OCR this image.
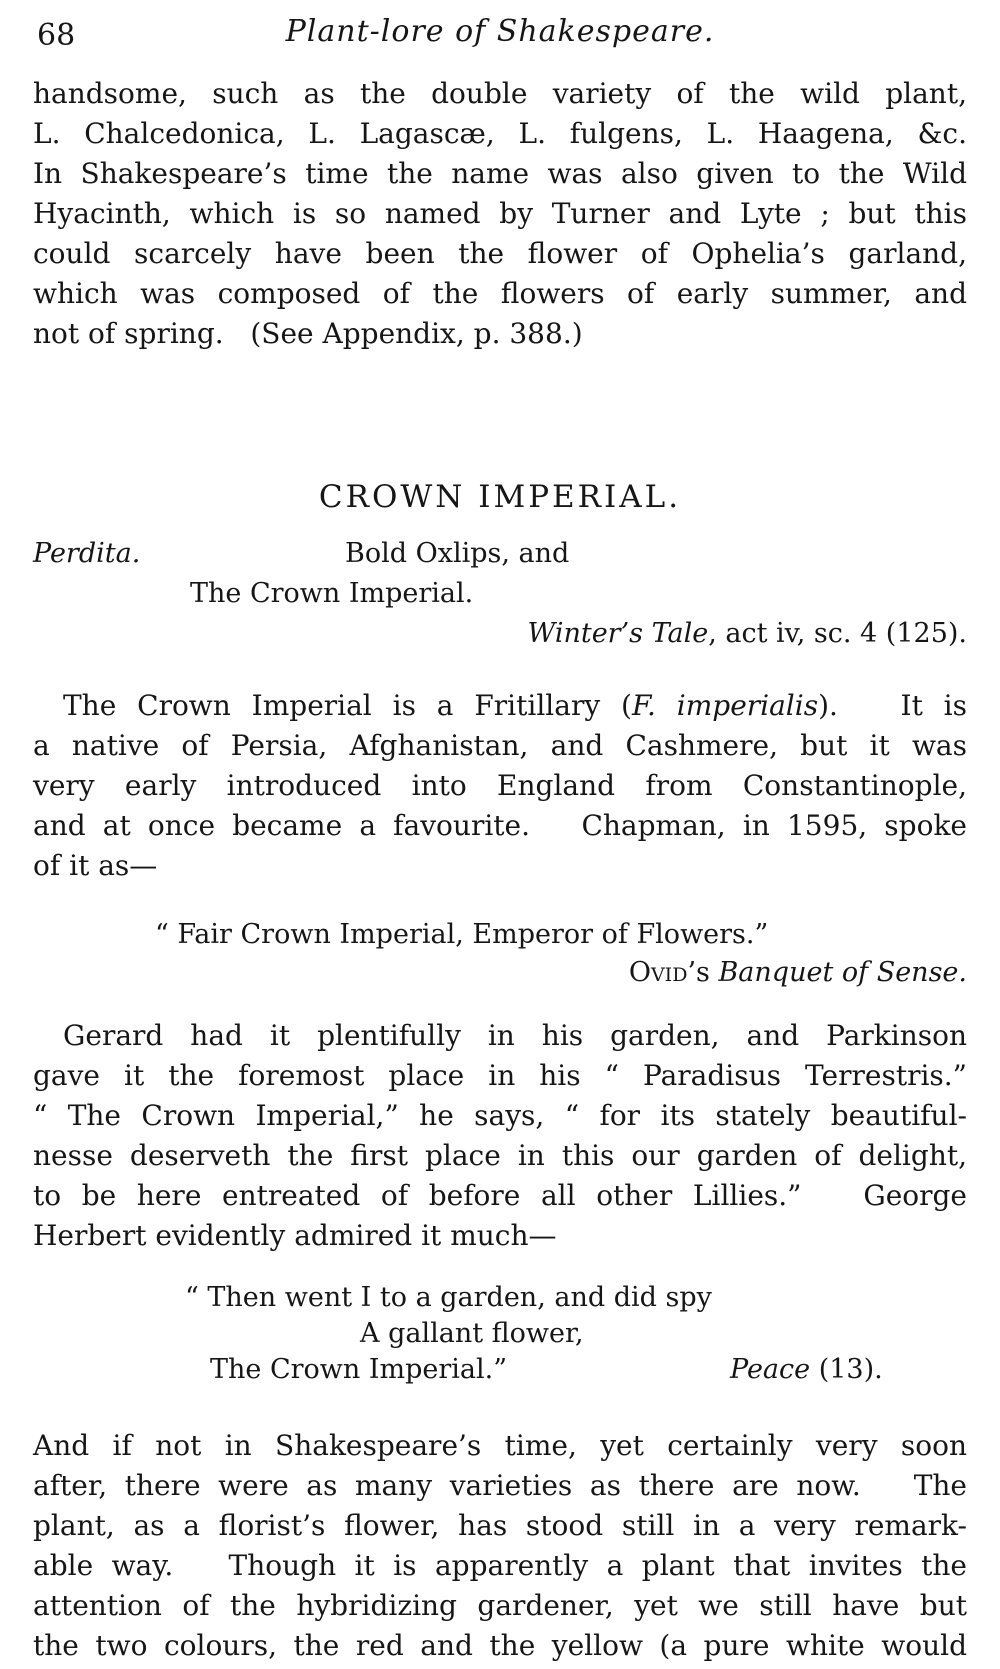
68	Plant-lore of Shakespeare.
CROWN IMPERIAL.
handsome, such as the double variety of the wild plant,
L. Chalcedonica, L. Lagascæ, L. fulgens, L. Haagena, &c.
In Shakespeare’s time the name was also given to the Wild
Hyacinth, which is so named by Turner and Lyte ; but this
could scarcely have been the flower of Ophelia’s garland,
which was composed of the flowers of early summer, and
not of spring.   (See Appendix, p. 388.)
Bold Oxlips, and
Perdita.
The Crown Imperial.
Winter’s Tale, act iv, sc. 4 (125).
The Crown Imperial is a Fritillary (F. imperialis).   It is
a native of Persia, Afghanistan, and Cashmere, but it was
very early introduced into England from Constantinople,
and at once became a favourite.   Chapman, in 1595, spoke
of it as—
“ Fair Crown Imperial, Emperor of Flowers.”
Ovid’s Banquet of Sense.
Gerard had it plentifully in his garden, and Parkinson
gave it the foremost place in his “ Paradisus Terrestris.”
“ The Crown Imperial,” he says, “ for its stately beautiful-
nesse deserveth the first place in this our garden of delight,
to be here entreated of before all other Lillies.”   George
Herbert evidently admired it much—
“ Then went I to a garden, and did spy
A gallant flower,
The Crown Imperial.”	Peace (13).
And if not in Shakespeare’s time, yet certainly very soon
after, there were as many varieties as there are now.   The
plant, as a florist’s flower, has stood still in a very remark-
able way.   Though it is apparently a plant that invites the
attention of the hybridizing gardener, yet we still have but
the two colours, the red and the yellow (a pure white would
